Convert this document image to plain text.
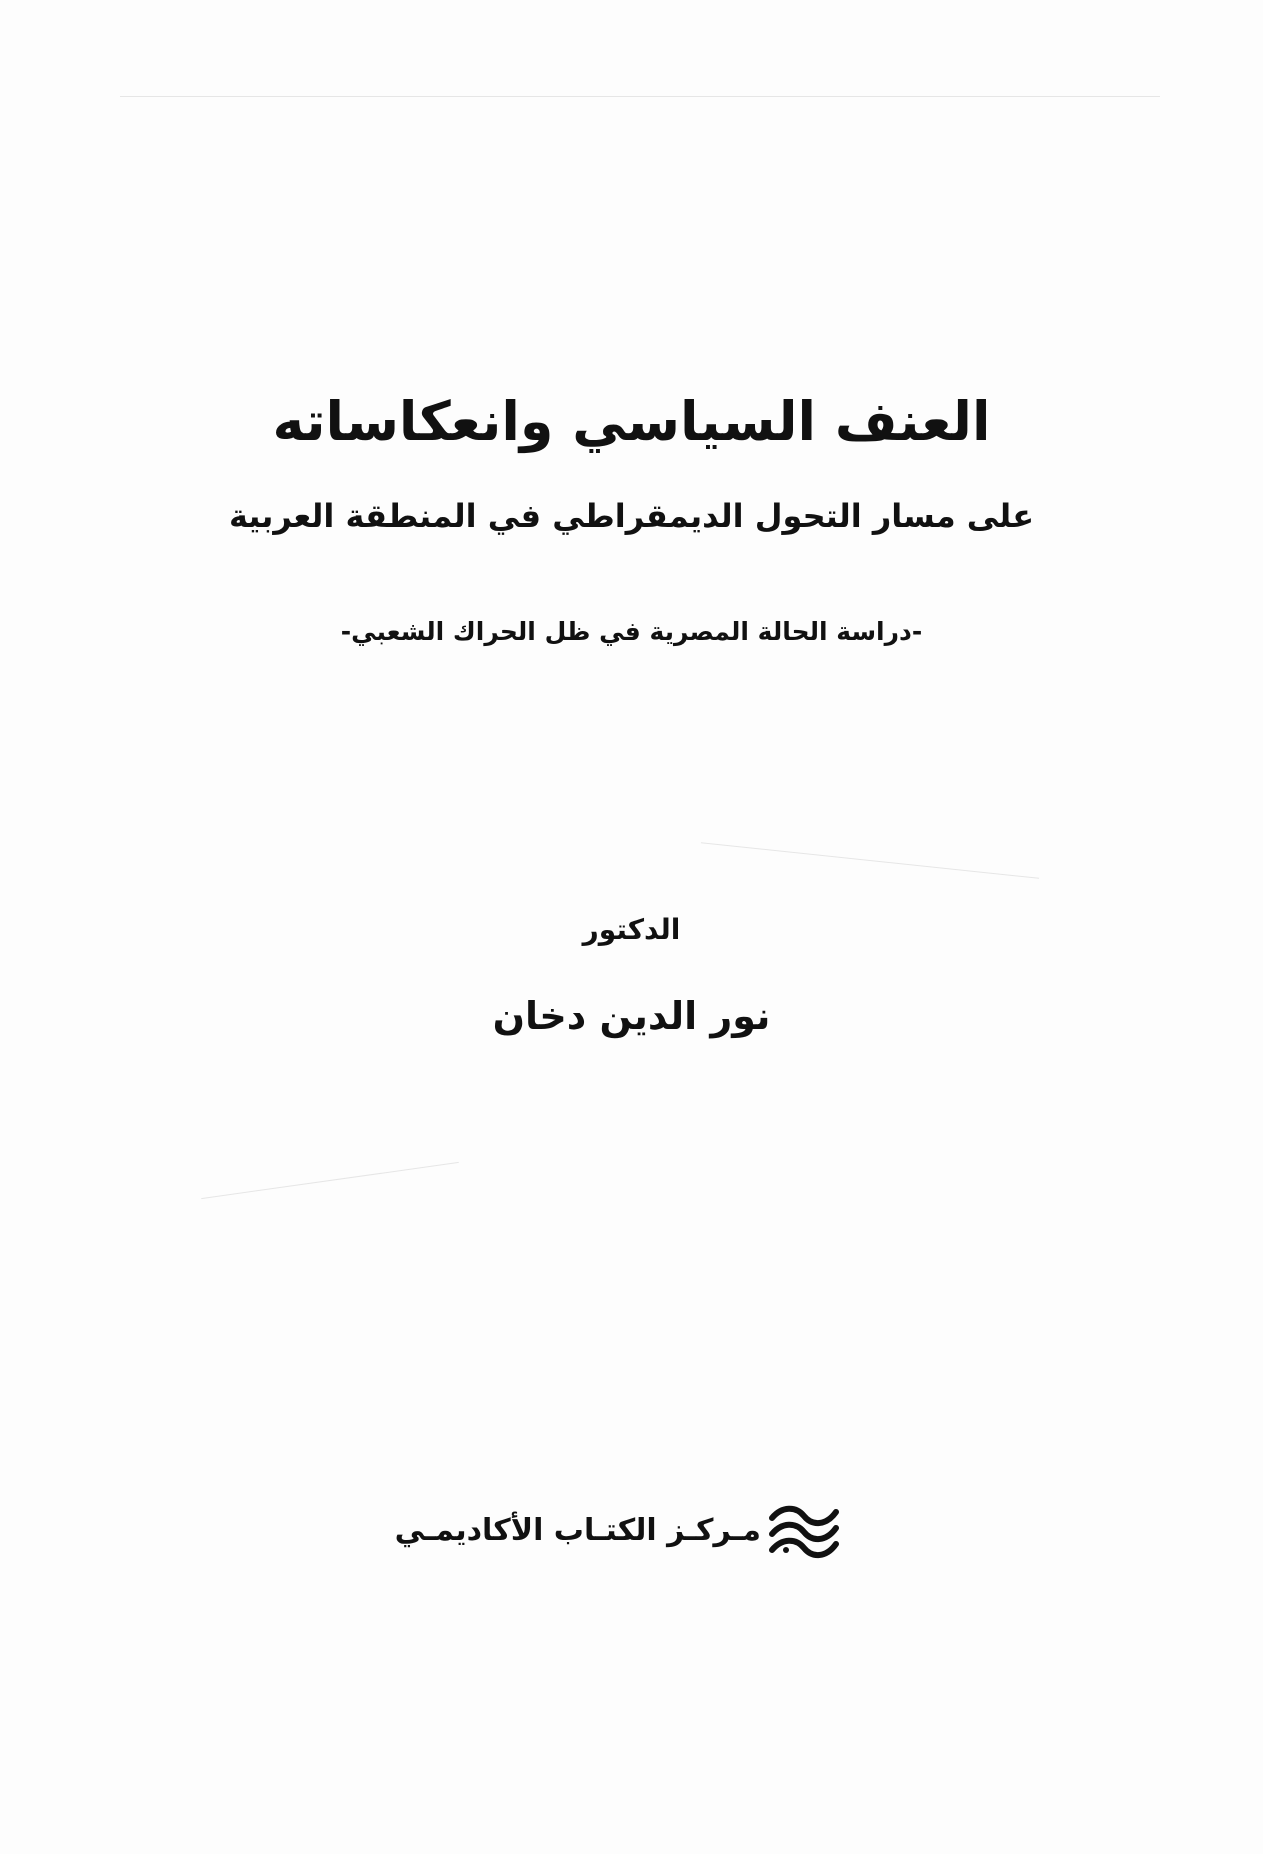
العنف السياسي وانعكاساته
على مسار التحول الديمقراطي في المنطقة العربية
-دراسة الحالة المصرية في ظل الحراك الشعبي-
الدكتور
نور الدين دخان
مـركـز الكتـاب الأكاديمـي
